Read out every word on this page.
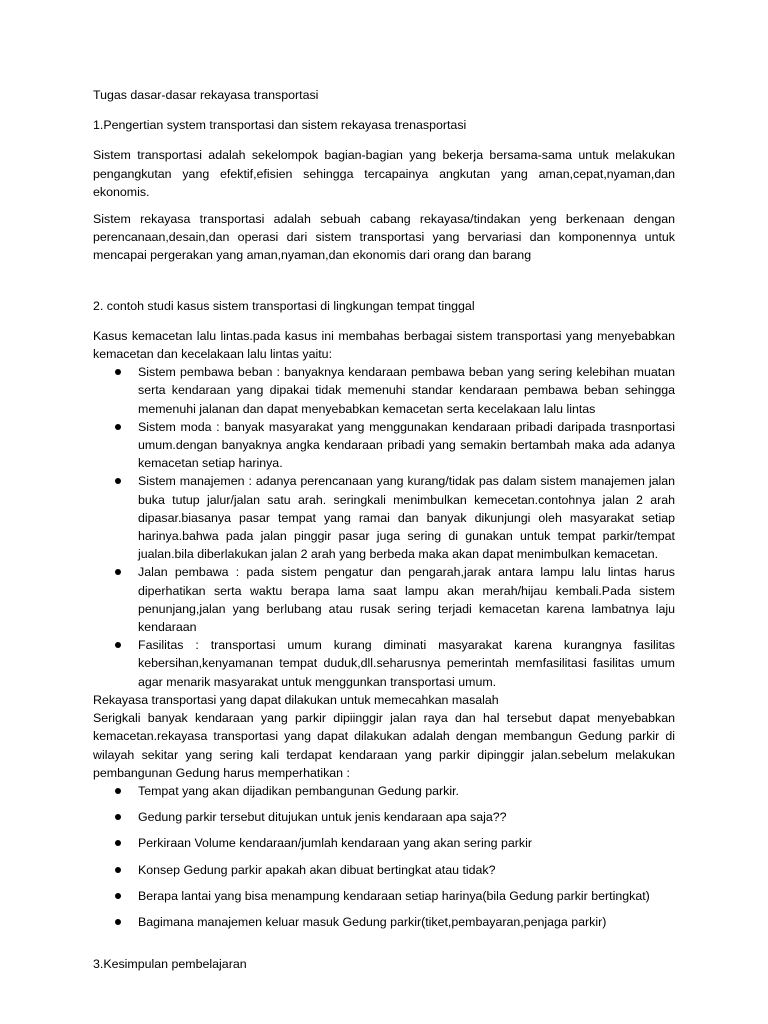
Tugas dasar-dasar rekayasa transportasi

1.Pengertian system transportasi dan sistem rekayasa trenasportasi

Sistem transportasi adalah sekelompok bagian-bagian yang bekerja bersama-sama untuk melakukan pengangkutan yang efektif,efisien sehingga tercapainya angkutan yang aman,cepat,nyaman,dan ekonomis.

Sistem rekayasa transportasi adalah sebuah cabang rekayasa/tindakan yeng berkenaan dengan perencanaan,desain,dan operasi dari sistem transportasi yang bervariasi dan komponennya untuk mencapai pergerakan yang aman,nyaman,dan ekonomis dari orang dan barang

2. contoh studi kasus sistem transportasi di lingkungan tempat tinggal

Kasus kemacetan lalu lintas.pada kasus ini membahas berbagai sistem transportasi yang menyebabkan kemacetan dan kecelakaan lalu lintas yaitu:

Sistem pembawa beban : banyaknya kendaraan pembawa beban yang sering kelebihan muatan serta kendaraan yang dipakai tidak memenuhi standar kendaraan pembawa beban sehingga memenuhi jalanan dan dapat menyebabkan kemacetan serta kecelakaan lalu lintas
Sistem moda : banyak masyarakat yang menggunakan kendaraan pribadi daripada trasnportasi umum.dengan banyaknya angka kendaraan pribadi yang semakin bertambah maka ada adanya kemacetan setiap harinya.
Sistem manajemen : adanya perencanaan yang kurang/tidak pas dalam sistem manajemen jalan buka tutup jalur/jalan satu arah. seringkali menimbulkan kemecetan.contohnya jalan 2 arah dipasar.biasanya pasar tempat yang ramai dan banyak dikunjungi oleh masyarakat setiap harinya.bahwa pada jalan pinggir pasar juga sering di gunakan untuk tempat parkir/tempat jualan.bila diberlakukan jalan 2 arah yang berbeda maka akan dapat menimbulkan kemacetan.
Jalan pembawa : pada sistem pengatur dan pengarah,jarak antara lampu lalu lintas harus diperhatikan serta waktu berapa lama saat lampu akan merah/hijau kembali.Pada sistem penunjang,jalan yang berlubang atau rusak sering terjadi kemacetan karena lambatnya laju kendaraan
Fasilitas : transportasi umum kurang diminati masyarakat karena kurangnya fasilitas kebersihan,kenyamanan tempat duduk,dll.seharusnya pemerintah memfasilitasi fasilitas umum agar menarik masyarakat untuk menggunkan transportasi umum.

Rekayasa transportasi yang dapat dilakukan untuk memecahkan masalah

Serigkali banyak kendaraan yang parkir dipiinggir jalan raya dan hal tersebut dapat menyebabkan kemacetan.rekayasa transportasi yang dapat dilakukan adalah dengan membangun Gedung parkir di wilayah sekitar yang sering kali terdapat kendaraan yang parkir dipinggir jalan.sebelum melakukan pembangunan Gedung harus memperhatikan :

Tempat yang akan dijadikan pembangunan Gedung parkir.
Gedung parkir tersebut ditujukan untuk jenis kendaraan apa saja??
Perkiraan Volume kendaraan/jumlah kendaraan yang akan sering parkir
Konsep Gedung parkir apakah akan dibuat bertingkat atau tidak?
Berapa lantai yang bisa menampung kendaraan setiap harinya(bila Gedung parkir bertingkat)
Bagimana manajemen keluar masuk Gedung parkir(tiket,pembayaran,penjaga parkir)

3.Kesimpulan pembelajaran
